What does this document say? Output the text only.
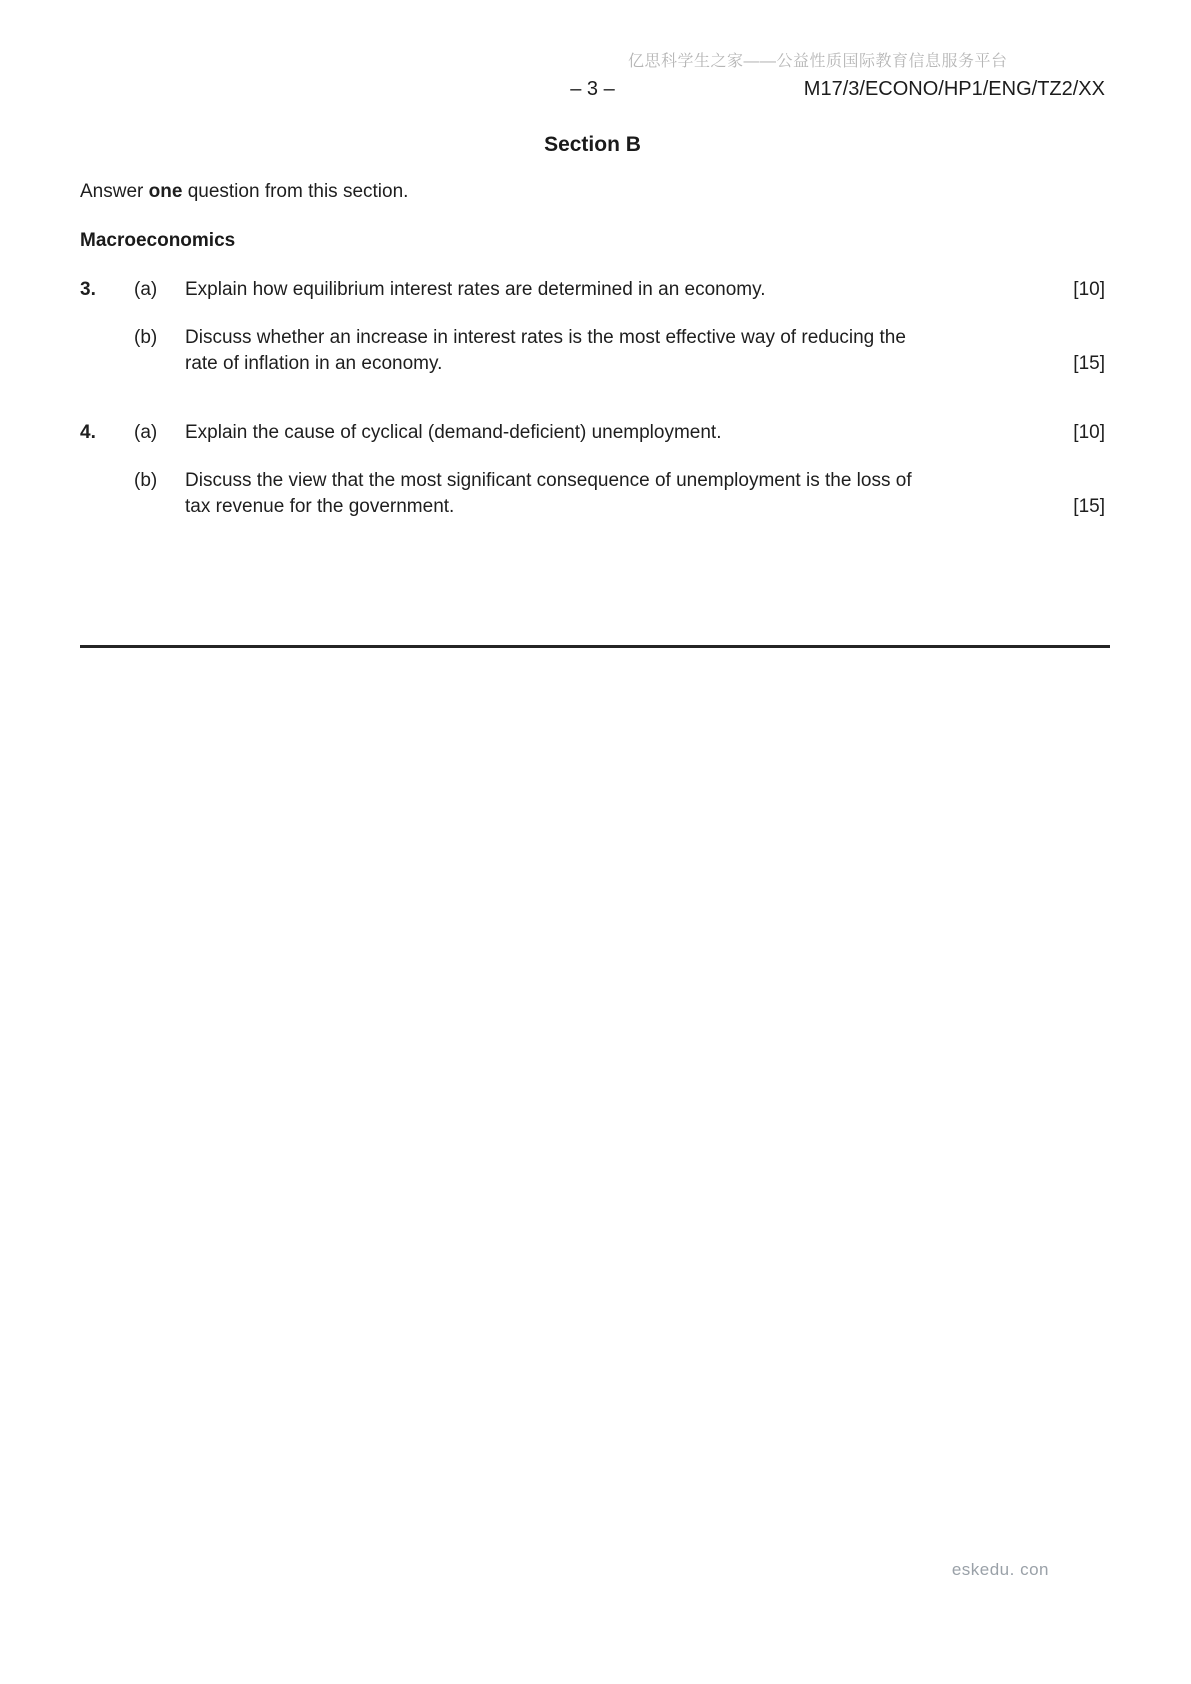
亿思科学生之家——公益性质国际教育信息服务平台
– 3 –	M17/3/ECONO/HP1/ENG/TZ2/XX
Section B
Answer one question from this section.
Macroeconomics
3.	(a)	Explain how equilibrium interest rates are determined in an economy.	[10]
(b)	Discuss whether an increase in interest rates is the most effective way of reducing the
rate of inflation in an economy.	[15]
4.	(a)	Explain the cause of cyclical (demand-deficient) unemployment.	[10]
(b)	Discuss the view that the most significant consequence of unemployment is the loss of
tax revenue for the government.	[15]
eskedu. con
